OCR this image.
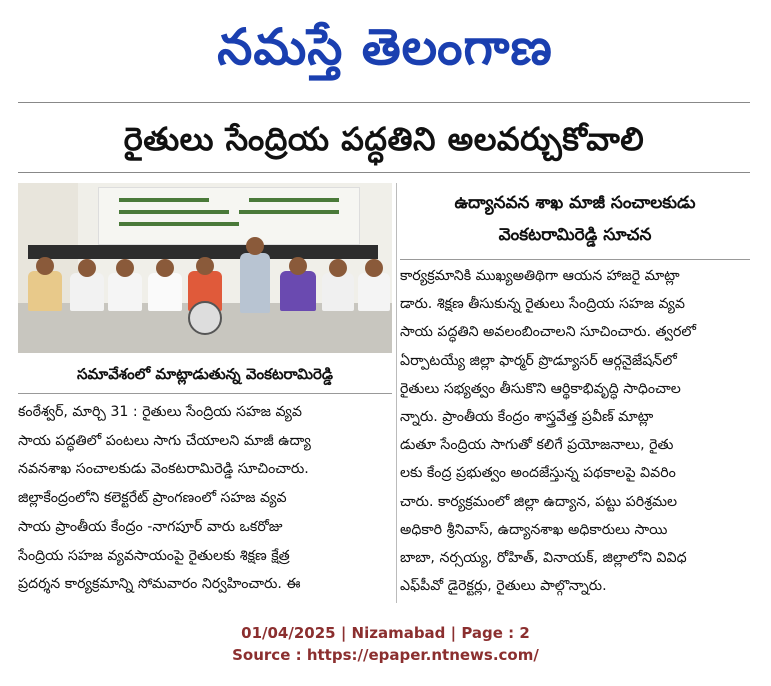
నమస్తే తెలంగాణ
రైతులు సేంద్రియ పద్ధతిని అలవర్చుకోవాలి
సమావేశంలో మాట్లాడుతున్న వెంకటరామిరెడ్డి

కంఠేశ్వర్, మార్చి 31 : రైతులు సేంద్రియ సహజ వ్యవ

సాయ పద్ధతిలో పంటలు సాగు చేయాలని మాజీ ఉద్యా

నవనశాఖ సంచాలకుడు వెంకటరామిరెడ్డి సూచించారు.

జిల్లాకేంద్రంలోని కలెక్టరేట్ ప్రాంగణంలో సహజ వ్యవ

సాయ ప్రాంతీయ కేంద్రం -నాగపూర్ వారు ఒకరోజు

సేంద్రియ సహజ వ్యవసాయంపై రైతులకు శిక్షణ క్షేత్ర

ప్రదర్శన కార్యక్రమాన్ని సోమవారం నిర్వహించారు. ఈ

ఉద్యానవన శాఖ మాజీ సంచాలకుడు
వెంకటరామిరెడ్డి సూచన

కార్యక్రమానికి ముఖ్యఅతిథిగా ఆయన హాజరై మాట్లా

డారు. శిక్షణ తీసుకున్న రైతులు సేంద్రియ సహజ వ్యవ

సాయ పద్ధతిని అవలంబించాలని సూచించారు. త్వరలో

ఏర్పాటయ్యే జిల్లా ఫార్మర్ ప్రొడ్యూసర్ ఆర్గనైజేషన్‌లో

రైతులు సభ్యత్వం తీసుకొని ఆర్థికాభివృద్ధి సాధించాల

న్నారు. ప్రాంతీయ కేంద్రం శాస్త్రవేత్త ప్రవీణ్ మాట్లా

డుతూ సేంద్రియ సాగుతో కలిగే ప్రయోజనాలు, రైతు

లకు కేంద్ర ప్రభుత్వం అందజేస్తున్న పథకాలపై వివరిం

చారు. కార్యక్రమంలో జిల్లా ఉద్యాన, పట్టు పరిశ్రమల

అధికారి శ్రీనివాస్, ఉద్యానశాఖ అధికారులు సాయి

బాబా, నర్సయ్య, రోహిత్, వినాయక్, జిల్లాలోని వివిధ

ఎఫ్‌పీవో డైరెక్టర్లు, రైతులు పాల్గొన్నారు.

01/04/2025 | Nizamabad | Page : 2
Source : https://epaper.ntnews.com/
